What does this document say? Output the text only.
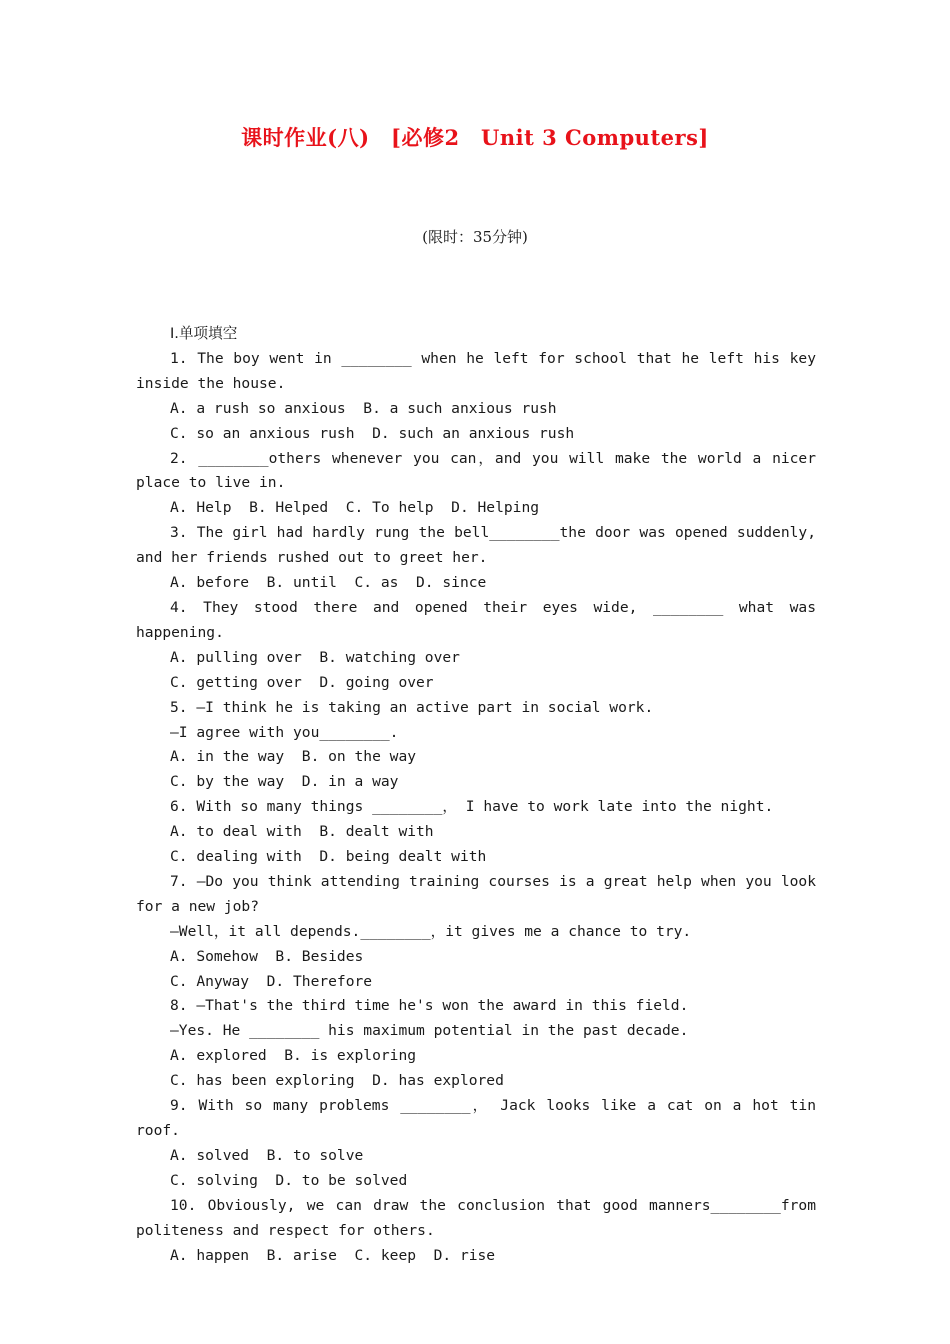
课时作业(八)　[必修2　Unit 3 Computers]
(限时：35分钟)
Ⅰ.单项填空
1. The boy went in ________ when he left for school that he left his key inside the house.
A. a rush so anxious  B. a such anxious rush
C. so an anxious rush  D. such an anxious rush
2. ________others whenever you can，and you will make the world a nicer place to live in.
A. Help  B. Helped  C. To help  D. Helping
3. The girl had hardly rung the bell________the door was opened suddenly, and her friends rushed out to greet her.
A. before  B. until  C. as  D. since
4. They stood there and opened their eyes wide, ________ what was happening.
A. pulling over  B. watching over
C. getting over  D. going over
5. —I think he is taking an active part in social work.
—I agree with you________.
A. in the way  B. on the way
C. by the way  D. in a way
6. With so many things ________， I have to work late into the night.
A. to deal with  B. dealt with
C. dealing with  D. being dealt with
7. —Do you think attending training courses is a great help when you look for a new job?
—Well，it all depends.________，it gives me a chance to try.
A. Somehow  B. Besides
C. Anyway  D. Therefore
8. —That's the third time he's won the award in this field.
—Yes. He ________ his maximum potential in the past decade.
A. explored  B. is exploring
C. has been exploring  D. has explored
9. With so many problems ________， Jack looks like a cat on a hot tin roof.
A. solved  B. to solve
C. solving  D. to be solved
10. Obviously, we can draw the conclusion that good manners________from politeness and respect for others.
A. happen  B. arise  C. keep  D. rise
